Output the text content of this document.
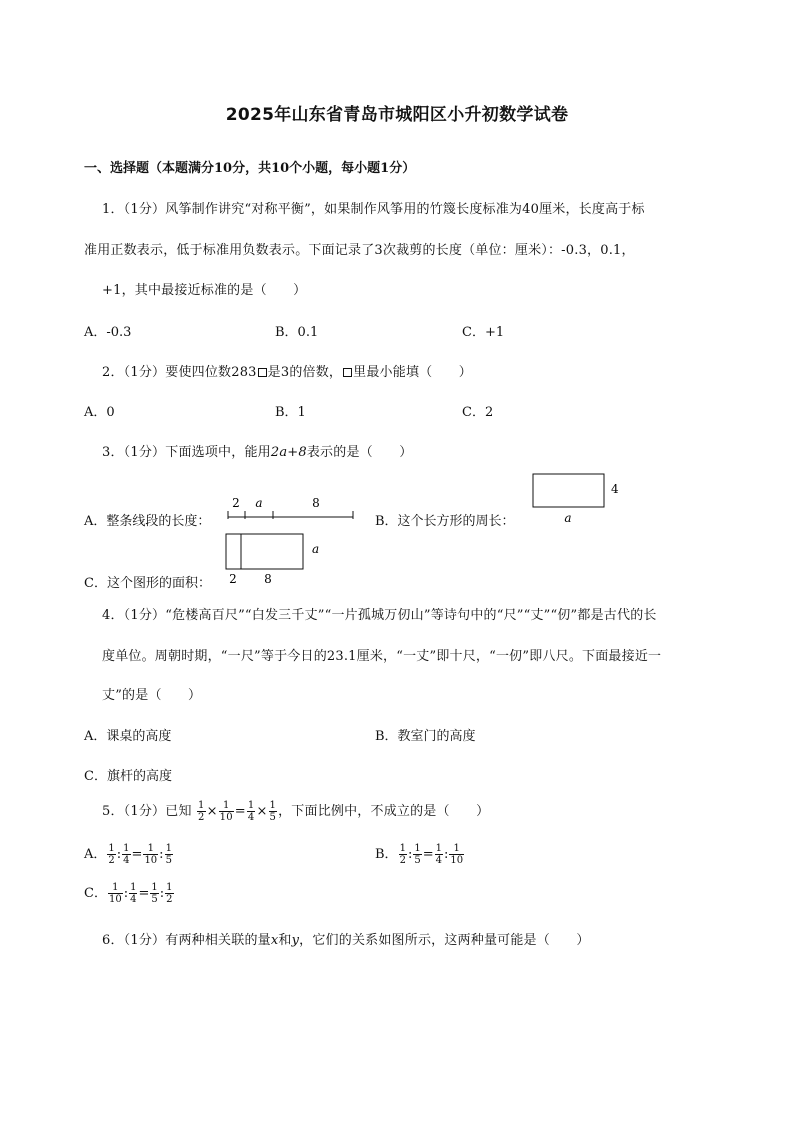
2025年山东省青岛市城阳区小升初数学试卷
一、选择题（本题满分10分，共10个小题，每小题1分）
1．（1分）风筝制作讲究“对称平衡”，如果制作风筝用的竹篾长度标准为40厘米，长度高于标
准用正数表示，低于标准用负数表示。下面记录了3次裁剪的长度（单位：厘米）：-0.3，0.1，
+1，其中最接近标准的是（　　）
A．-0.3	B．0.1	C．+1
2．（1分）要使四位数283 是3的倍数， 里最小能填（　　）
A．0	B．1	C．2
3．（1分）下面选项中，能用2a+8表示的是（　　）
A．整条线段的长度：
2 a	8
B．这个长方形的周长：
4
a
C．这个图形的面积：
a
2 8
4．（1分）“危楼高百尺”“白发三千丈”“一片孤城万仞山”等诗句中的“尺”“丈”“仞”都是古代的长
度单位。周朝时期，“一尺”等于今日的23.1厘米，“一丈”即十尺，“一仞”即八尺。下面最接近一
丈”的是（　　）
A．课桌的高度	B．教室门的高度
C．旗杆的高度
5．（1分）已知 $\frac{1}{2} \times \frac{1}{10} = \frac{1}{4} \times \frac{1}{5}$ ，下面比例中，不成立的是（　　）
A． $\frac{1}{2}$ : $\frac{1}{4} = \frac{1}{10}$ : $\frac{1}{5}$	B． $\frac{1}{2}$ : $\frac{1}{5} = \frac{1}{4}$ : $\frac{1}{10}$
C． $\frac{1}{10}$ : $\frac{1}{4} = \frac{1}{5}$ : $\frac{1}{2}$
6．（1分）有两种相关联的量x和y，它们的关系如图所示，这两种量可能是（　　）
